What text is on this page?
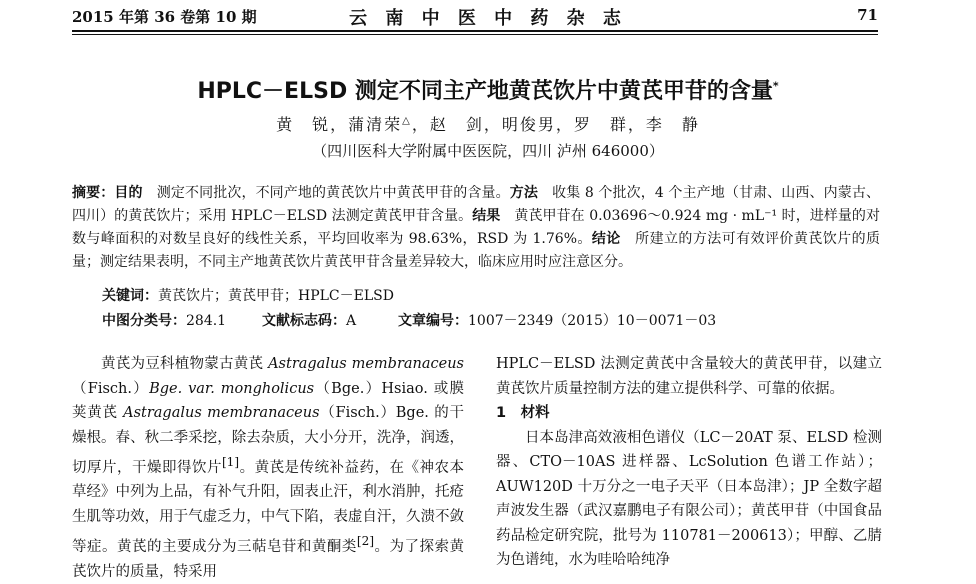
2015 年第 36 卷第 10 期	云 南 中 医 中 药 杂 志	71
HPLC－ELSD 测定不同主产地黄芪饮片中黄芪甲苷的含量*
黄　锐，蒲清荣△，赵　剑，明俊男，罗　群，李　静
（四川医科大学附属中医医院，四川 泸州 646000）
摘要：目的　测定不同批次，不同产地的黄芪饮片中黄芪甲苷的含量。方法　收集 8 个批次，4 个主产地（甘肃、山西、内蒙古、四川）的黄芪饮片；采用 HPLC－ELSD 法测定黄芪甲苷含量。结果　黄芪甲苷在 0.03696～0.924 mg · mL⁻¹ 时，进样量的对数与峰面积的对数呈良好的线性关系，平均回收率为 98.63%，RSD 为 1.76%。结论　所建立的方法可有效评价黄芪饮片的质量；测定结果表明，不同主产地黄芪饮片黄芪甲苷含量差异较大，临床应用时应注意区分。
关键词：黄芪饮片；黄芪甲苷；HPLC－ELSD
中图分类号：284.1	文献标志码：A	文章编号：1007－2349（2015）10－0071－03

黄芪为豆科植物蒙古黄芪 Astragalus membranaceus（Fisch.）Bge. var. mongholicus（Bge.）Hsiao. 或膜荚黄芪 Astragalus membranaceus（Fisch.）Bge. 的干燥根。春、秋二季采挖，除去杂质，大小分开，洗净，润透，切厚片，干燥即得饮片[1]。黄芪是传统补益药，在《神农本草经》中列为上品，有补气升阳，固表止汗，利水消肿，托疮生肌等功效，用于气虚乏力，中气下陷，表虚自汗，久溃不敛等症。黄芪的主要成分为三萜皂苷和黄酮类[2]。为了探索黄芪饮片的质量，特采用

HPLC－ELSD 法测定黄芪中含量较大的黄芪甲苷，以建立黄芪饮片质量控制方法的建立提供科学、可靠的依据。

1　 材料

日本岛津高效液相色谱仪（LC－20AT 泵、ELSD 检测器、CTO－10AS 进样器、LcSolution 色谱工作站）；AUW120D 十万分之一电子天平（日本岛津）；JP 全数字超声波发生器（武汉嘉鹏电子有限公司）；黄芪甲苷（中国食品药品检定研究院，批号为 110781－200613）；甲醇、乙腈为色谱纯，水为哇哈哈纯净
